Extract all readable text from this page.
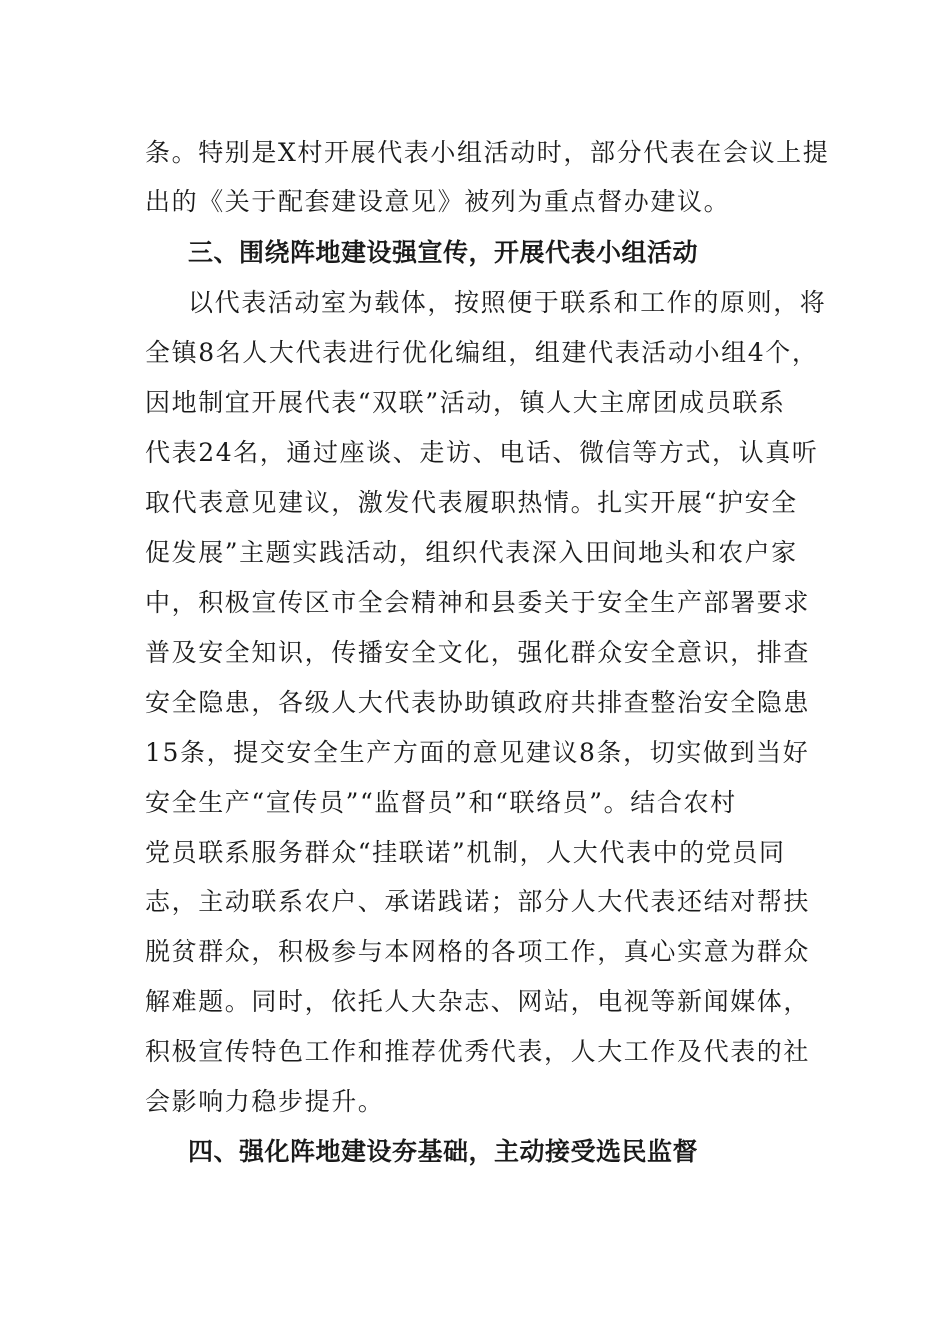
条。特别是X村开展代表小组活动时，部分代表在会议上提
出的《关于配套建设意见》被列为重点督办建议。
三、围绕阵地建设强宣传，开展代表小组活动
以代表活动室为载体，按照便于联系和工作的原则，将
全镇8名人大代表进行优化编组，组建代表活动小组4个，
因地制宜开展代表“双联”活动，镇人大主席团成员联系
代表24名，通过座谈、走访、电话、微信等方式，认真听
取代表意见建议，激发代表履职热情。扎实开展“护安全
促发展”主题实践活动，组织代表深入田间地头和农户家
中，积极宣传区市全会精神和县委关于安全生产部署要求
普及安全知识，传播安全文化，强化群众安全意识，排查
安全隐患，各级人大代表协助镇政府共排查整治安全隐患
15条，提交安全生产方面的意见建议8条，切实做到当好
安全生产“宣传员”“监督员”和“联络员”。结合农村
党员联系服务群众“挂联诺”机制，人大代表中的党员同
志，主动联系农户、承诺践诺；部分人大代表还结对帮扶
脱贫群众，积极参与本网格的各项工作，真心实意为群众
解难题。同时，依托人大杂志、网站，电视等新闻媒体，
积极宣传特色工作和推荐优秀代表，人大工作及代表的社
会影响力稳步提升。
四、强化阵地建设夯基础，主动接受选民监督
